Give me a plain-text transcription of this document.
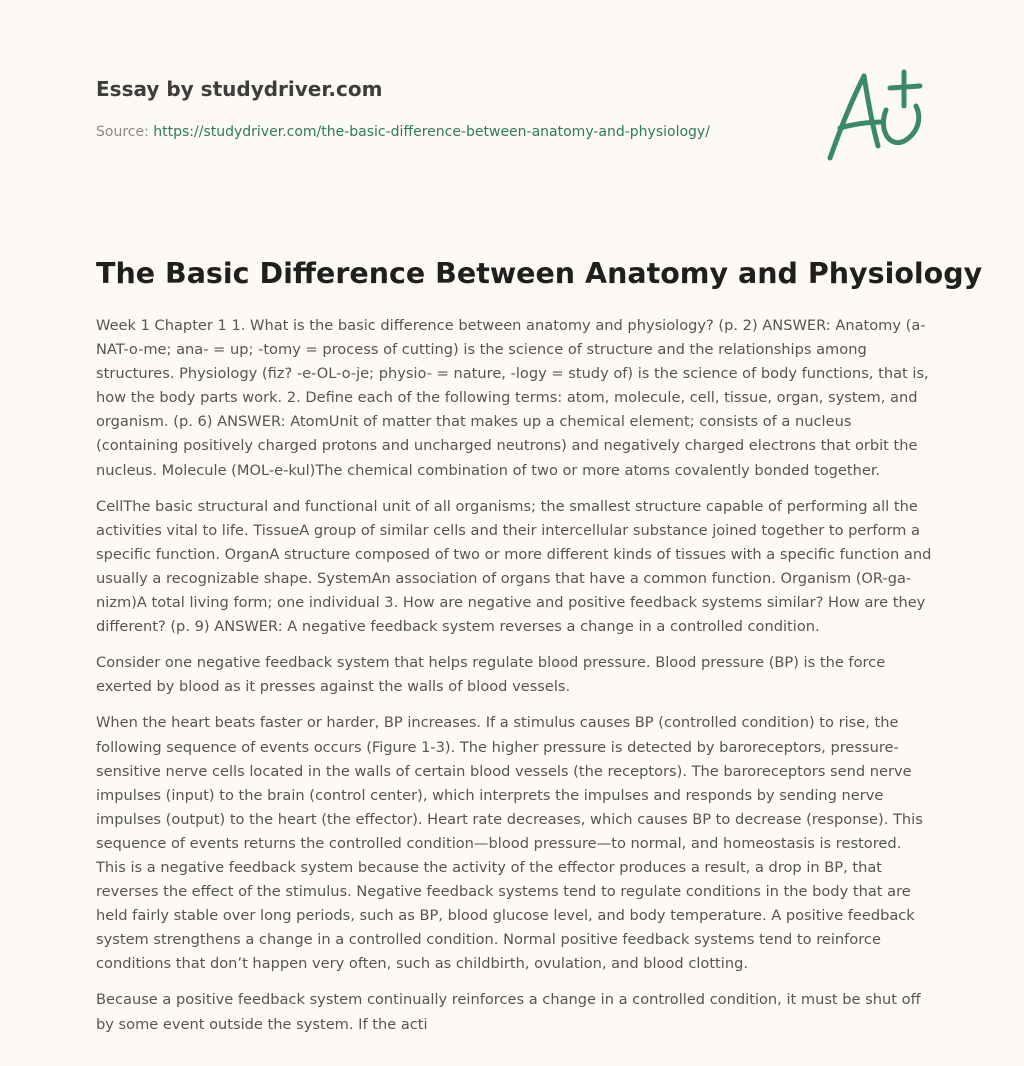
Essay by studydriver.com
Source: https://studydriver.com/the-basic-difference-between-anatomy-and-physiology/
The Basic Difference Between Anatomy and Physiology

Week 1 Chapter 1 1. What is the basic difference between anatomy and physiology? (p. 2) ANSWER: Anatomy (a-NAT-o-me; ana- = up; -tomy = process of cutting) is the science of structure and the relationships among structures. Physiology (fiz? -e-OL-o-je; physio- = nature, -logy = study of) is the science of body functions, that is, how the body parts work. 2. Define each of the following terms: atom, molecule, cell, tissue, organ, system, and organism. (p. 6) ANSWER: AtomUnit of matter that makes up a chemical element; consists of a nucleus (containing positively charged protons and uncharged neutrons) and negatively charged electrons that orbit the nucleus. Molecule (MOL-e-kul)The chemical combination of two or more atoms covalently bonded together.

CellThe basic structural and functional unit of all organisms; the smallest structure capable of performing all the activities vital to life. TissueA group of similar cells and their intercellular substance joined together to perform a specific function. OrganA structure composed of two or more different kinds of tissues with a specific function and usually a recognizable shape. SystemAn association of organs that have a common function. Organism (OR-ga-nizm)A total living form; one individual 3. How are negative and positive feedback systems similar? How are they different? (p. 9) ANSWER: A negative feedback system reverses a change in a controlled condition.

Consider one negative feedback system that helps regulate blood pressure. Blood pressure (BP) is the force exerted by blood as it presses against the walls of blood vessels.

When the heart beats faster or harder, BP increases. If a stimulus causes BP (controlled condition) to rise, the following sequence of events occurs (Figure 1-3). The higher pressure is detected by baroreceptors, pressure-sensitive nerve cells located in the walls of certain blood vessels (the receptors). The baroreceptors send nerve impulses (input) to the brain (control center), which interprets the impulses and responds by sending nerve impulses (output) to the heart (the effector). Heart rate decreases, which causes BP to decrease (response). This sequence of events returns the controlled condition—blood pressure—to normal, and homeostasis is restored. This is a negative feedback system because the activity of the effector produces a result, a drop in BP, that reverses the effect of the stimulus. Negative feedback systems tend to regulate conditions in the body that are held fairly stable over long periods, such as BP, blood glucose level, and body temperature. A positive feedback system strengthens a change in a controlled condition. Normal positive feedback systems tend to reinforce conditions that don’t happen very often, such as childbirth, ovulation, and blood clotting.

Because a positive feedback system continually reinforces a change in a controlled condition, it must be shut off by some event outside the system. If the acti
